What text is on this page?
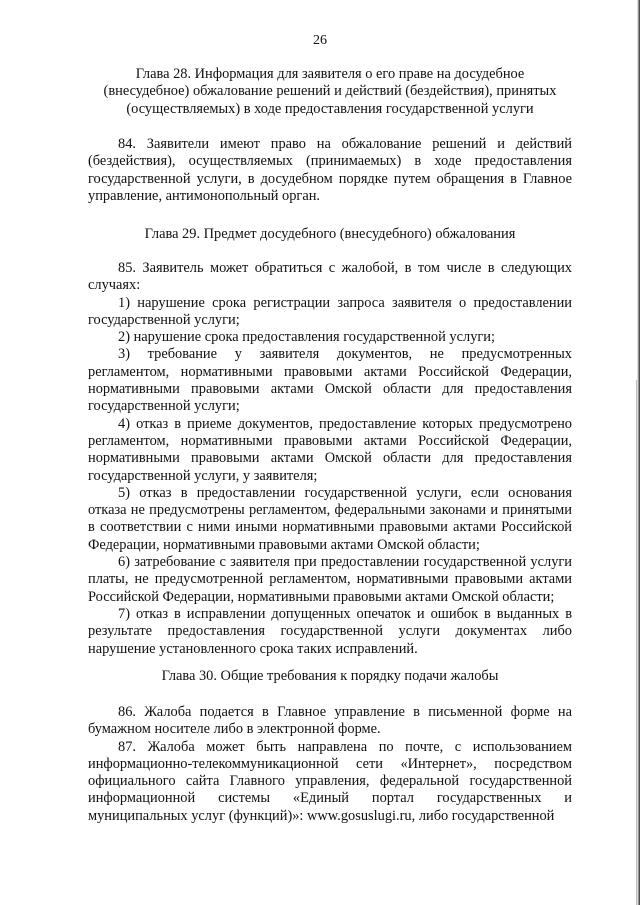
26
Глава 28. Информация для заявителя о его праве на досудебное
(внесудебное) обжалование решений и действий (бездействия), принятых
(осуществляемых) в ходе предоставления государственной услуги

84. Заявители имеют право на обжалование решений и действий (бездействия), осуществляемых (принимаемых) в ходе предоставления государственной услуги, в досудебном порядке путем обращения в Главное управление, антимонопольный орган.

Глава 29. Предмет досудебного (внесудебного) обжалования

85. Заявитель может обратиться с жалобой, в том числе в следующих случаях:

1) нарушение срока регистрации запроса заявителя о предоставлении государственной услуги;

2) нарушение срока предоставления государственной услуги;

3) требование у заявителя документов, не предусмотренных регламентом, нормативными правовыми актами Российской Федерации, нормативными правовыми актами Омской области для предоставления государственной услуги;

4) отказ в приеме документов, предоставление которых предусмотрено регламентом, нормативными правовыми актами Российской Федерации, нормативными правовыми актами Омской области для предоставления государственной услуги, у заявителя;

5) отказ в предоставлении государственной услуги, если основания отказа не предусмотрены регламентом, федеральными законами и принятыми в соответствии с ними иными нормативными правовыми актами Российской Федерации, нормативными правовыми актами Омской области;

6) затребование с заявителя при предоставлении государственной услуги платы, не предусмотренной регламентом, нормативными правовыми актами Российской Федерации, нормативными правовыми актами Омской области;

7) отказ в исправлении допущенных опечаток и ошибок в выданных в результате предоставления государственной услуги документах либо нарушение установленного срока таких исправлений.

Глава 30. Общие требования к порядку подачи жалобы

86. Жалоба подается в Главное управление в письменной форме на бумажном носителе либо в электронной форме.

87. Жалоба может быть направлена по почте, с использованием информационно-телекоммуникационной сети «Интернет», посредством официального сайта Главного управления, федеральной государственной информационной системы «Единый портал государственных и муниципальных услуг (функций)»: www.gosuslugi.ru, либо государственной
